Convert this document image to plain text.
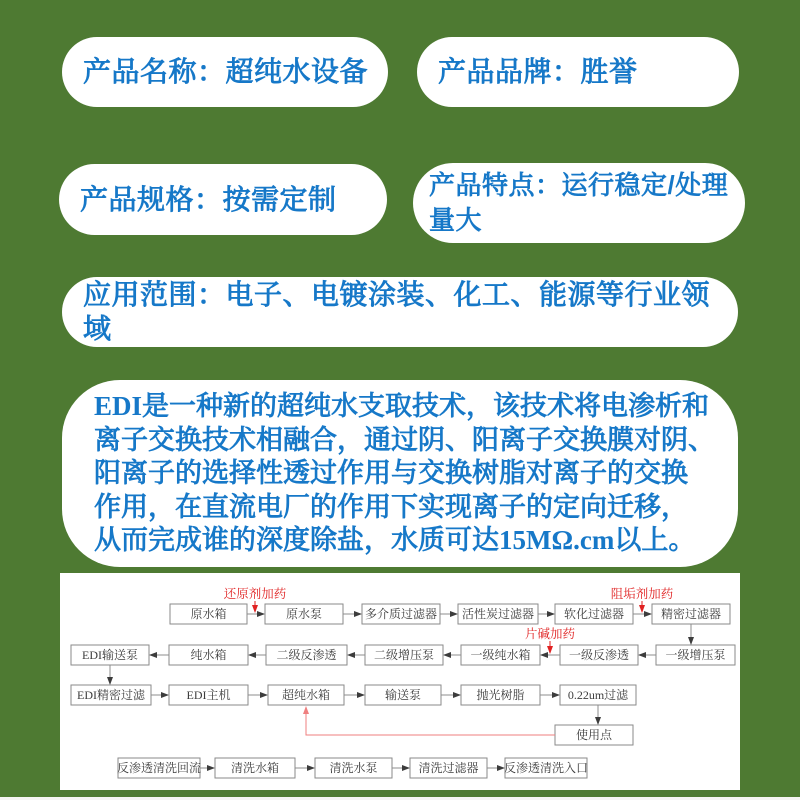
产品名称：超纯水设备	产品品牌：胜誉
产品规格：按需定制	产品特点：运行稳定/处理量大
应用范围：电子、电镀涂装、化工、能源等行业领域
EDI是一种新的超纯水支取技术，该技术将电渗析和
离子交换技术相融合，通过阴、阳离子交换膜对阴、
阳离子的选择性透过作用与交换树脂对离子的交换
作用，在直流电厂的作用下实现离子的定向迁移，
从而完成谁的深度除盐，水质可达15MΩ.cm以上。
原水箱	原水泵	多介质过滤器 活性炭过滤器 软化过滤器	精密过滤器
EDI输送泵	纯水箱	二级反渗透	二级增压泵	一级纯水箱	一级反渗透	一级增压泵
EDI精密过滤	EDI主机	超纯水箱	输送泵	抛光树脂	0.22um过滤
使用点
反渗透清洗回流 清洗水箱	清洗水泵	清洗过滤器 反渗透清洗入口
还原剂加药	阻垢剂加药
片碱加药
